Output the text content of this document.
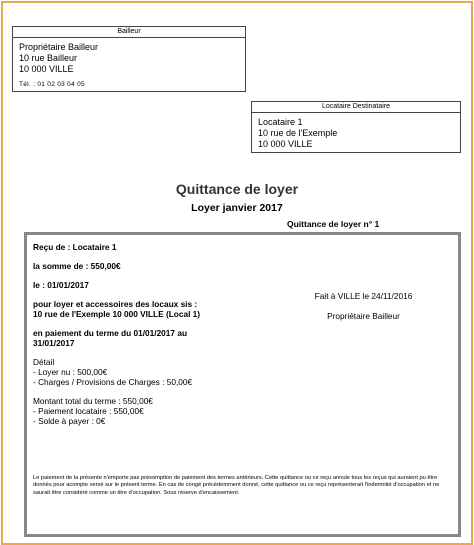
Bailleur
Propriétaire Bailleur
10 rue Bailleur
10 000 VILLE
Tél. : 01 02 03 04 05
Locataire Destinataire
Locataire 1
10 rue de l'Exemple
10 000 VILLE
Quittance de loyer
Loyer janvier 2017
Quittance de loyer n° 1
Reçu de : Locataire 1
la somme de : 550,00€
le : 01/01/2017
pour loyer et accessoires des locaux sis :
10 rue de l'Exemple 10 000 VILLE (Local 1)
en paiement du terme du 01/01/2017 au
31/01/2017
Détail
- Loyer nu : 500,00€
- Charges / Provisions de Charges : 50,00€
Montant total du terme : 550,00€
- Paiement locataire : 550,00€
- Solde à payer : 0€
Fait à VILLE le 24/11/2016
Propriétaire Bailleur
Le paiement de la présente n'emporte pas présomption de paiement des termes antérieurs. Cette quittance ou ce reçu annule tous les reçus qui auraient pu être donnés pour acompte versé sur le présent terme. En cas de congé précédemment donné, cette quittance ou ce reçu représenterait l'indemnité d'occupation et ne saurait être considéré comme un titre d'occupation. Sous réserve d'encaissement.
